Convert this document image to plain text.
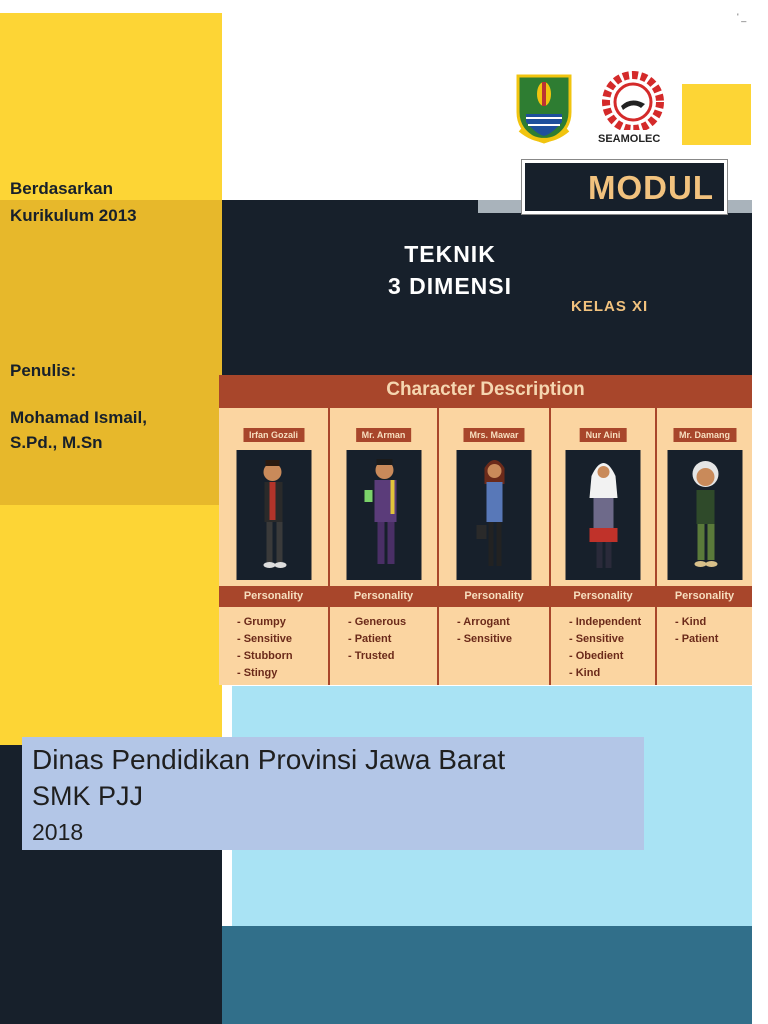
' _
SEAMOLEC
Berdasarkan
Kurikulum 2013
Penulis:
Mohamad Ismail,
S.Pd., M.Sn
MODUL
TEKNIK
3 DIMENSI
KELAS XI
Character Description
Irfan Gozali
Personality
- Grumpy
- Sensitive
- Stubborn
- Stingy
Mr. Arman
Personality
- Generous
- Patient
- Trusted
Mrs. Mawar
Personality
- Arrogant
- Sensitive
Nur Aini
Personality
- Independent
- Sensitive
- Obedient
- Kind
Mr. Damang
Personality
- Kind
- Patient
Dinas Pendidikan Provinsi Jawa Barat
SMK PJJ
2018
